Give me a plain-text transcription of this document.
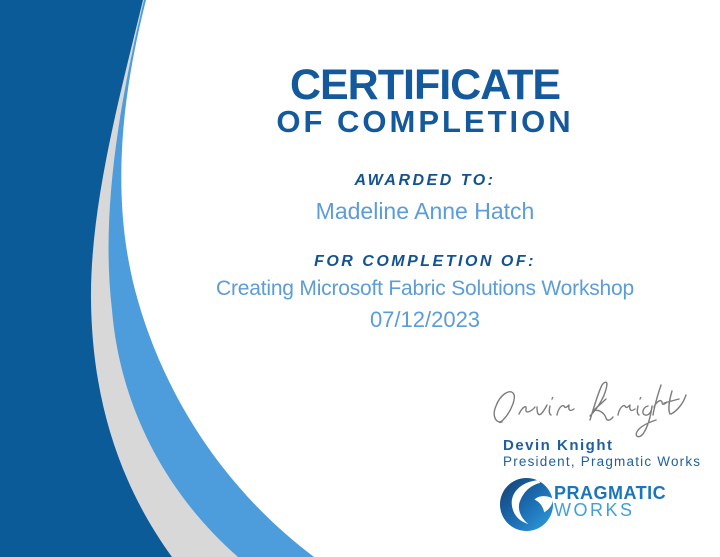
CERTIFICATE
OF COMPLETION

AWARDED TO:

Madeline Anne Hatch

FOR COMPLETION OF:

Creating Microsoft Fabric Solutions Workshop

07/12/2023

Devin Knight

President, Pragmatic Works

PRAGMATIC

WORKS
